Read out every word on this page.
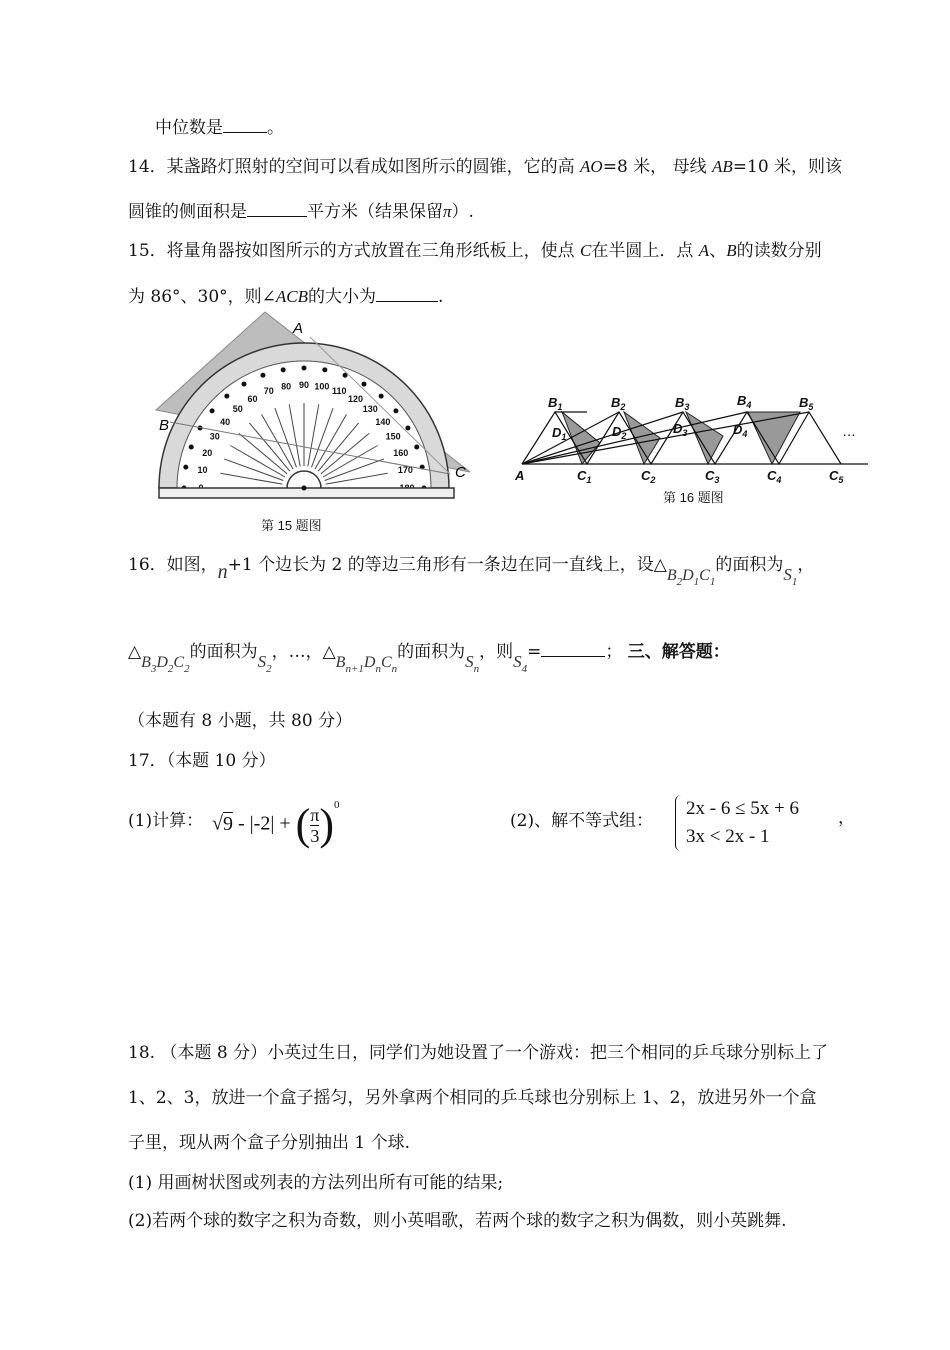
中位数是	。
14．某盏路灯照射的空间可以看成如图所示的圆锥，它的高 AO=8 米， 母线 AB=10 米，则该
圆锥的侧面积是	平方米（结果保留π）.
15．将量角器按如图所示的方式放置在三角形纸板上，使点 C在半圆上．点 A、B的读数分别
为 86°、30°，则∠ACB的大小为	.
10
20
30
40
50
60
70 80 90 100 110
120
130
140
150
160
170
A
B
C
第 15 题图
A
$B_1$	$B_2$	$B_3$	$B_4$	$B_5$
$D_1$	$D_2$	$D_3$	$D_4$
$C_1$	$C_2$	$C_3$	$C_4$	$C_5$
…
第 16 题图
16．如图，n+1 个边长为 2 的等边三角形有一条边在同一直线上，设$\triangle B_2D_1C_1$的面积为$S_1$，
$\triangle B_3D_2C_2$的面积为$S_2$，…，$\triangle B_{n+1}D_nC_n$的面积为$S_n$，则$S_4=$	； 三、解答题：
（本题有 8 小题，共 80 分）
17．（本题 10 分）
(1)计算： √9 - |-2| + ( $\frac{\pi}{3} )^0$
(2)、解不等式组：
2x - 6 ≤ 5x + 6
3x < 2x - 1
，
18. （本题 8 分）小英过生日，同学们为她设置了一个游戏：把三个相同的乒乓球分别标上了
1、2、3，放进一个盒子摇匀，另外拿两个相同的乒乓球也分别标上 1、2，放进另外一个盒
子里，现从两个盒子分别抽出 1 个球.
(1) 用画树状图或列表的方法列出所有可能的结果;
(2)若两个球的数字之积为奇数，则小英唱歌，若两个球的数字之积为偶数，则小英跳舞.
